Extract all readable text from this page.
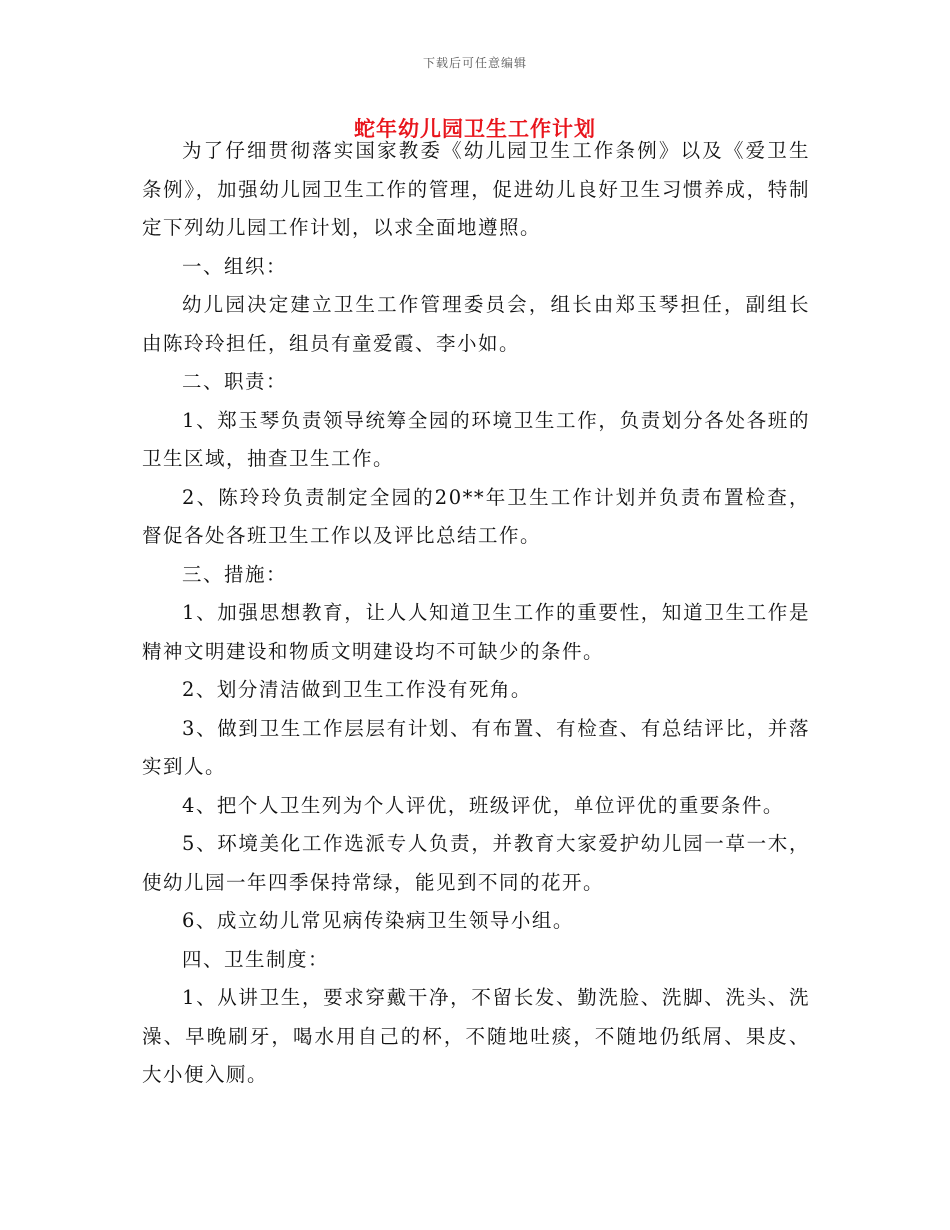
下载后可任意编辑
蛇年幼儿园卫生工作计划

为了仔细贯彻落实国家教委《幼儿园卫生工作条例》以及《爱卫生条例》，加强幼儿园卫生工作的管理，促进幼儿良好卫生习惯养成，特制定下列幼儿园工作计划，以求全面地遵照。

一、组织：

幼儿园决定建立卫生工作管理委员会，组长由郑玉琴担任，副组长由陈玲玲担任，组员有童爱霞、李小如。

二、职责：

1、郑玉琴负责领导统筹全园的环境卫生工作，负责划分各处各班的卫生区域，抽查卫生工作。

2、陈玲玲负责制定全园的20**年卫生工作计划并负责布置检查，督促各处各班卫生工作以及评比总结工作。

三、措施：

1、加强思想教育，让人人知道卫生工作的重要性，知道卫生工作是精神文明建设和物质文明建设均不可缺少的条件。

2、划分清洁做到卫生工作没有死角。

3、做到卫生工作层层有计划、有布置、有检查、有总结评比，并落实到人。

4、把个人卫生列为个人评优，班级评优，单位评优的重要条件。

5、环境美化工作选派专人负责，并教育大家爱护幼儿园一草一木，使幼儿园一年四季保持常绿，能见到不同的花开。

6、成立幼儿常见病传染病卫生领导小组。

四、卫生制度：

1、从讲卫生，要求穿戴干净，不留长发、勤洗脸、洗脚、洗头、洗澡、早晚刷牙，喝水用自己的杯，不随地吐痰，不随地仍纸屑、果皮、大小便入厕。
